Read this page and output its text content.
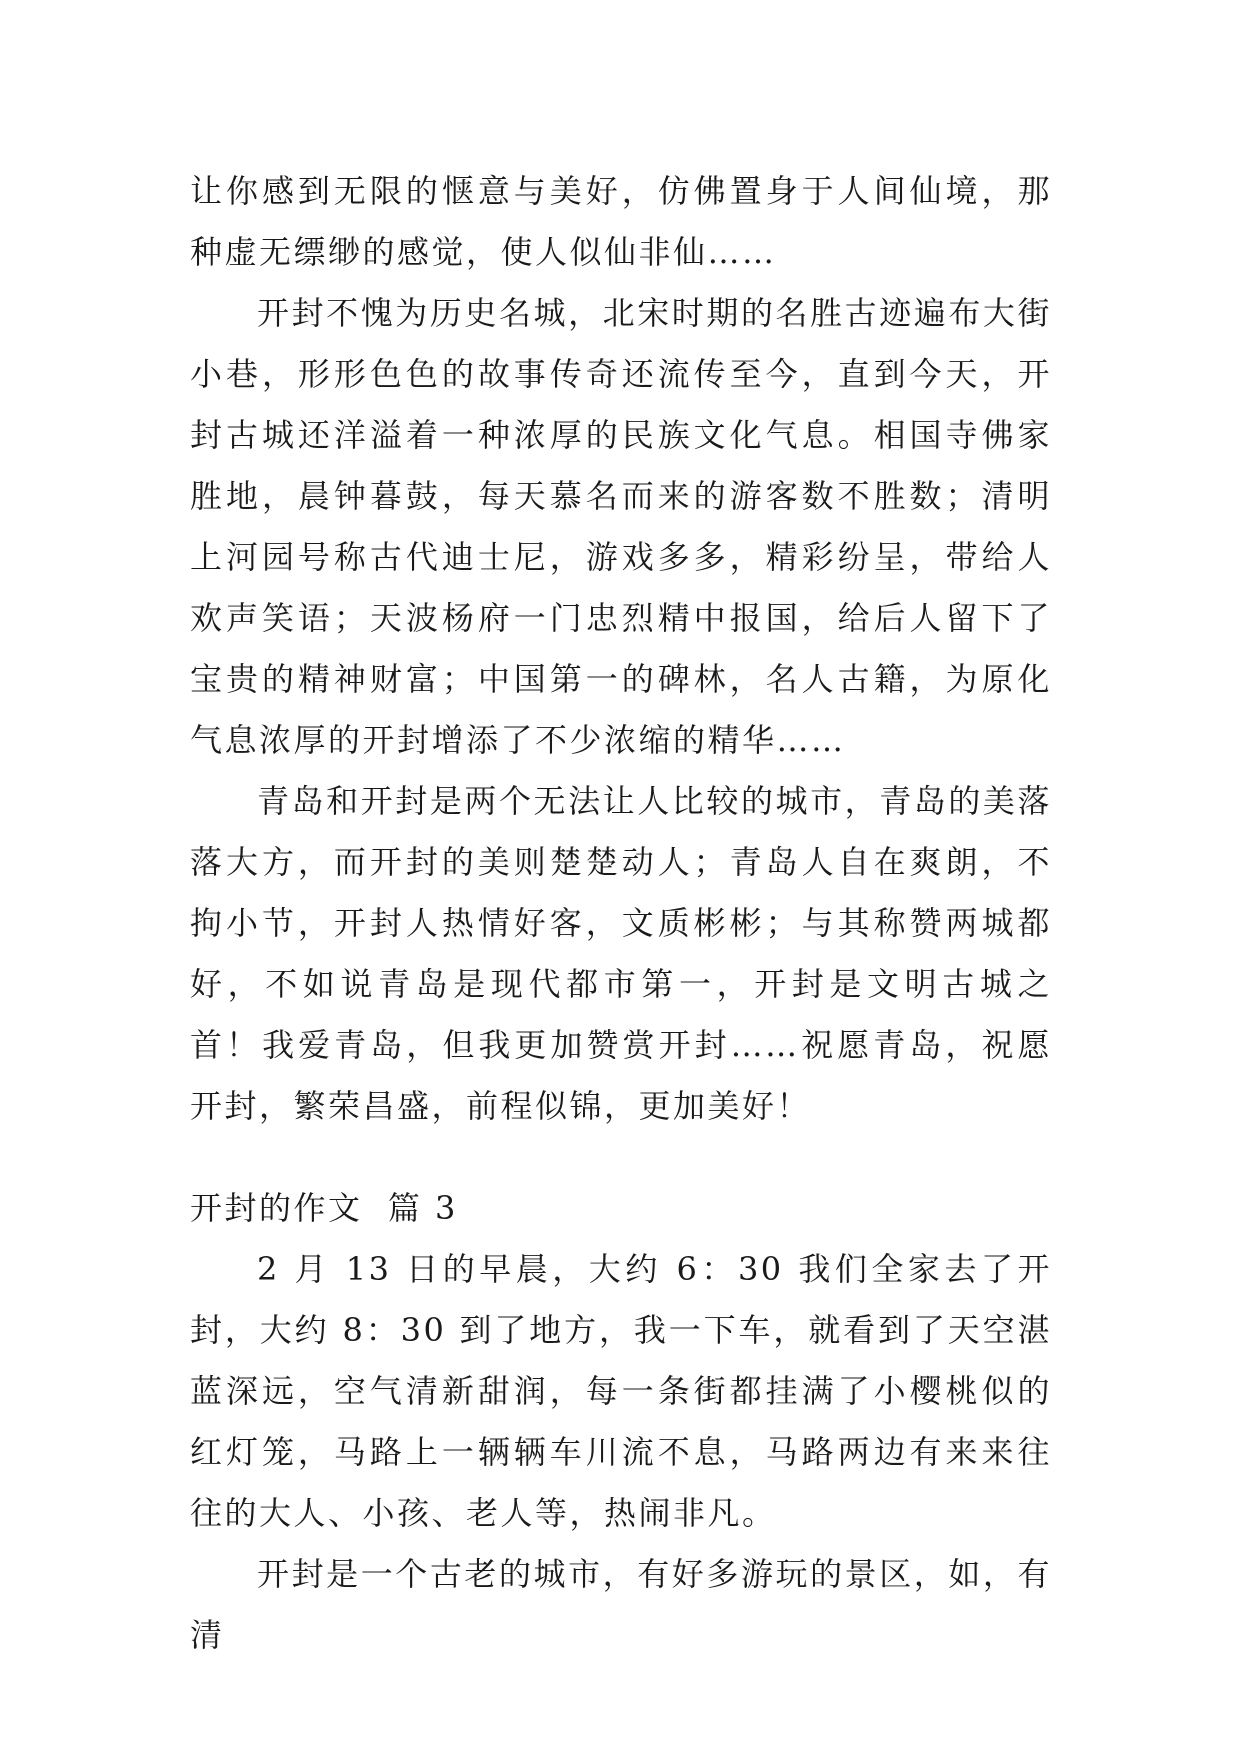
让你感到无限的惬意与美好，仿佛置身于人间仙境，那种虚无缥缈的感觉，使人似仙非仙……

开封不愧为历史名城，北宋时期的名胜古迹遍布大街小巷，形形色色的故事传奇还流传至今，直到今天，开封古城还洋溢着一种浓厚的民族文化气息。相国寺佛家胜地，晨钟暮鼓，每天慕名而来的游客数不胜数；清明上河园号称古代迪士尼，游戏多多，精彩纷呈，带给人欢声笑语；天波杨府一门忠烈精中报国，给后人留下了宝贵的精神财富；中国第一的碑林，名人古籍，为原化气息浓厚的开封增添了不少浓缩的精华……

青岛和开封是两个无法让人比较的城市，青岛的美落落大方，而开封的美则楚楚动人；青岛人自在爽朗，不拘小节，开封人热情好客，文质彬彬；与其称赞两城都好，不如说青岛是现代都市第一，开封是文明古城之首！我爱青岛，但我更加赞赏开封……祝愿青岛，祝愿开封，繁荣昌盛，前程似锦，更加美好！

开封的作文  篇 3

2 月 13 日的早晨，大约 6：30 我们全家去了开封，大约 8：30 到了地方，我一下车，就看到了天空湛蓝深远，空气清新甜润，每一条街都挂满了小樱桃似的红灯笼，马路上一辆辆车川流不息，马路两边有来来往往的大人、小孩、老人等，热闹非凡。

开封是一个古老的城市，有好多游玩的景区，如，有清
